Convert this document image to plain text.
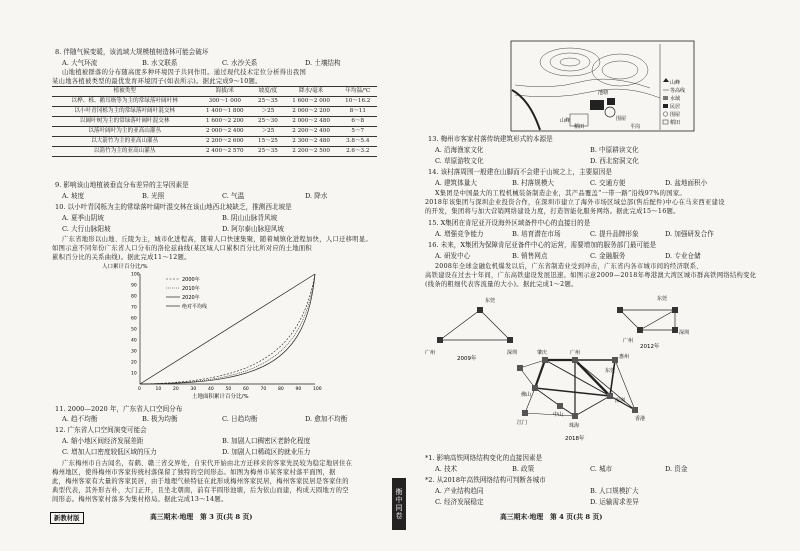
8. 伴随气候变暖，该流域大规模植树造林可能会破坏
A. 大气环流	B. 水文联系	C. 水沙关系	D. 土壤结构
山地植被群落的分布随高度多种环境因子共同作用。通过现代技术定位分析得出我国
某山地各植被类型的最优发育环境因子(如表所示)。据此完成9～10题。
植被类型	海拔/米	坡度/度	降水/毫米	年均温/℃
以桦、栎、鹅耳枥等为主的常绿落叶阔叶林	300～1 000	25～35	1 600～2 000	10～16.2
以小叶青冈栎为主的常绿落叶阔叶混交林	1 400～1 800	＞25	2 000～2 200	8～11
以阔叶树为主的常绿落叶阔叶混交林	1 600～2 200	25～30	2 000～2 480	6～8
以落叶阔叶为主的亚高山灌丛	2 000～2 400	＞25	2 200～2 400	5～7
以大箭竹为主的亚高山灌丛	2 200～2 600	15～25	2 300～2 480	3.8～5.4
以箭竹为主的亚高山灌丛	2 400～2 570	25～35	2 200～2 500	2.6～3.2
9. 影响该山地植被垂直分布差异的主导因素是
A. 坡度	B. 光照	C. 气温	D. 降水
10. 以小叶青冈栎为主的常绿落叶阔叶混交林在该山地西北坡缺乏，推测西北坡是
A. 夏季山阴坡	B. 阴山山脉背风坡
C. 大行山脉阳坡	D. 阿尔泰山脉迎风坡
广东省地形以山地、丘陵为主，城市化进程高，随着人口快速集聚，随着城镇化进程加快，人口迁移明显。
如图示意不同年份广东省人口分布的洛伦兹曲线(某区域人口累积百分比所对应的土地面积
累积百分比的关系曲线)。据此完成11～12题。
人口累计百分比/%
0	10
10
20
20
30
30
40
40
50
50
60
60
70
70
80
80
90
90
100
100
2000年
2010年
2020年
绝对平均线
土地面积累计百分比/%
11. 2000—2020 年，广东省人口空间分布
A. 趋不均衡	B. 极为均衡	C. 日趋均衡	D. 愈加不均衡
12. 广东省人口空间演变可能会
A. 缩小地区间经济发展差距	B. 加剧人口稠密区老龄化程度
C. 增加人口密度较低区域的压力	D. 加剧人口稀疏区的就业压力
广东梅州市自古闻名，有鹤、赣三省交界处，自宋代开始由北方迁移来的客家先民较为稳定地居住在
梅州地区，使得梅州市客家传统村落保留了独特的空间形态。如图为梅州市某客家村落平面图，据
此，梅州客家有大量的客家民居，由于地理气候特征在此形成梅州客家民居，梅州客家民居是客家住的
典型代表，其外形古朴，大门正开，且坐北朝南，前有半圆形池塘，后为依山而建，构成天圆地方的空
间形态。梅州客家村落多为集村格局。据此完成13～14题。
新教材版	高三期末·地理　第 3 页(共 8 页)	衡中同卷
山峰	围屋
平岗
稻田
池塘
山峰
等高线
水域
民居
围屋
稻田
13. 梅州市客家村落传统建筑形式的本源是
A. 沿海渔家文化	B. 中原耕读文化
C. 草原游牧文化	D. 西北窑洞文化
14. 该村落周围一般建在山脚而不会建于山坡之上，主要原因是
A. 建筑体量大	B. 村落规模大	C. 交通方便	D. 盆地面积小
X集团是中国最大的工程机械装备制造企业，其产品覆盖“一带一路”沿线97%的国家。
2018年该集团与深圳企业投资合作，在深圳市建立了海外市场区域总部(售后配件)中心在马来西亚建设
的开发，集团将与加大营销网络建设力度，打造智能化服务网络。据此完成15～16题。
15. X集团在肯尼亚开设海外区域备件中心的直接目的是
A. 增强竞争能力	B. 培育潜在市场	C. 提升品牌形象	D. 加强研发合作
16. 未来，X集团为保障肯尼亚备件中心的运营，需要增加的服务部门最可能是
A. 研发中心	B. 销售网点	C. 金融服务	D. 专业仓储
2008年全球金融危机爆发以后，广东省制造业受到冲击，广东省内各市城市间的经济联系、
高铁建设在过去十年间，广东高铁建设发展迅速。如图示意2009—2018年粤港澳大湾区城市群高铁网络结构变化
(线条的粗细代表客流量的大小)。据此完成1～2题。
东莞
广州	深圳
2009年
东莞
广州
深圳
2012年
广州
肇庆
惠州
佛山
深圳
中山
珠海
江门
香港
东莞
2018年
*1. 影响高铁网络结构变化的直接因素是
A. 技术	B. 政策	C. 城市	D. 资金
*2. 从2018年高铁网络结构可判断各城市
A. 产业结构趋同	B. 人口规模扩大
C. 经济发展稳定	D. 运输需求差异
高三期末·地理　第 4 页(共 8 页)
